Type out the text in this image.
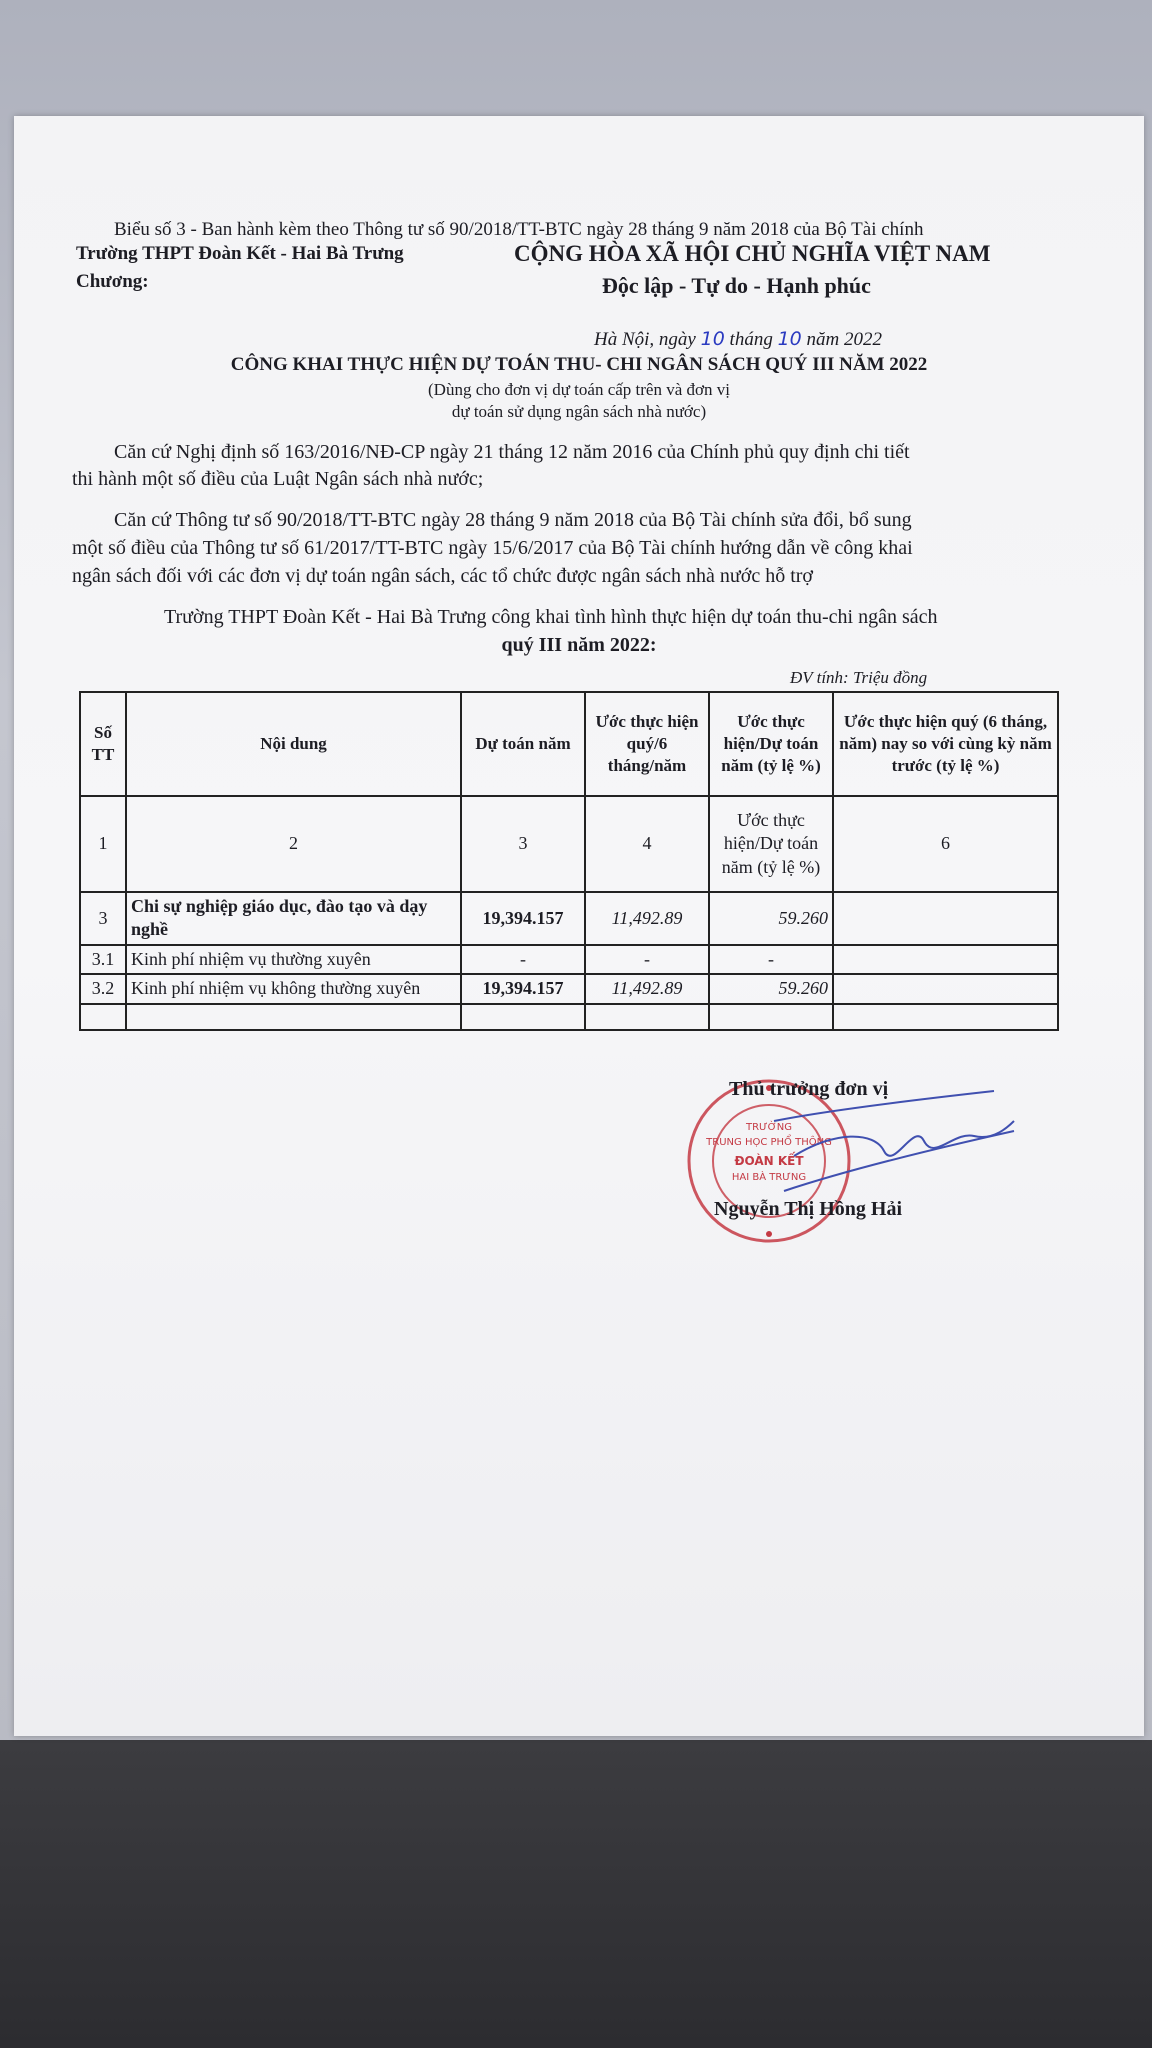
Biểu số 3 - Ban hành kèm theo Thông tư số 90/2018/TT-BTC ngày 28 tháng 9 năm 2018 của Bộ Tài chính
Trường THPT Đoàn Kết - Hai Bà Trưng
Chương:
CỘNG HÒA XÃ HỘI CHỦ NGHĨA VIỆT NAM
Độc lập - Tự do - Hạnh phúc
Hà Nội, ngày 10 tháng 10 năm 2022
CÔNG KHAI THỰC HIỆN DỰ TOÁN THU- CHI NGÂN SÁCH QUÝ III NĂM 2022
(Dùng cho đơn vị dự toán cấp trên và đơn vị
dự toán sử dụng ngân sách nhà nước)
Căn cứ Nghị định số 163/2016/NĐ-CP ngày 21 tháng 12 năm 2016 của Chính phủ quy định chi tiết
thi hành một số điều của Luật Ngân sách nhà nước;
Căn cứ Thông tư số 90/2018/TT-BTC ngày 28 tháng 9 năm 2018 của Bộ Tài chính sửa đổi, bổ sung
một số điều của Thông tư số 61/2017/TT-BTC ngày 15/6/2017 của Bộ Tài chính hướng dẫn về công khai
ngân sách đối với các đơn vị dự toán ngân sách, các tổ chức được ngân sách nhà nước hỗ trợ
Trường THPT Đoàn Kết - Hai Bà Trưng công khai tình hình thực hiện dự toán thu-chi ngân sách
quý III năm 2022:
ĐV tính: Triệu đồng
Số TT	Nội dung	Dự toán năm	Ước thực hiện quý/6 tháng/năm	Ước thực hiện/Dự toán năm (tỷ lệ %)	Ước thực hiện quý (6 tháng, năm) nay so với cùng kỳ năm trước (tỷ lệ %)
1	2	3	4	Ước thực hiện/Dự toán năm (tỷ lệ %)	6
3	Chi sự nghiệp giáo dục, đào tạo và dạy nghề	19,394.157	11,492.89	59.260	
3.1	Kinh phí nhiệm vụ thường xuyên	-	-	-	
3.2	Kinh phí nhiệm vụ không thường xuyên	19,394.157	11,492.89	59.260	

TRƯỜNG
TRUNG HỌC PHỔ THÔNG
ĐOÀN KẾT
HAI BÀ TRƯNG
Thủ trưởng đơn vị
Nguyễn Thị Hồng Hải
